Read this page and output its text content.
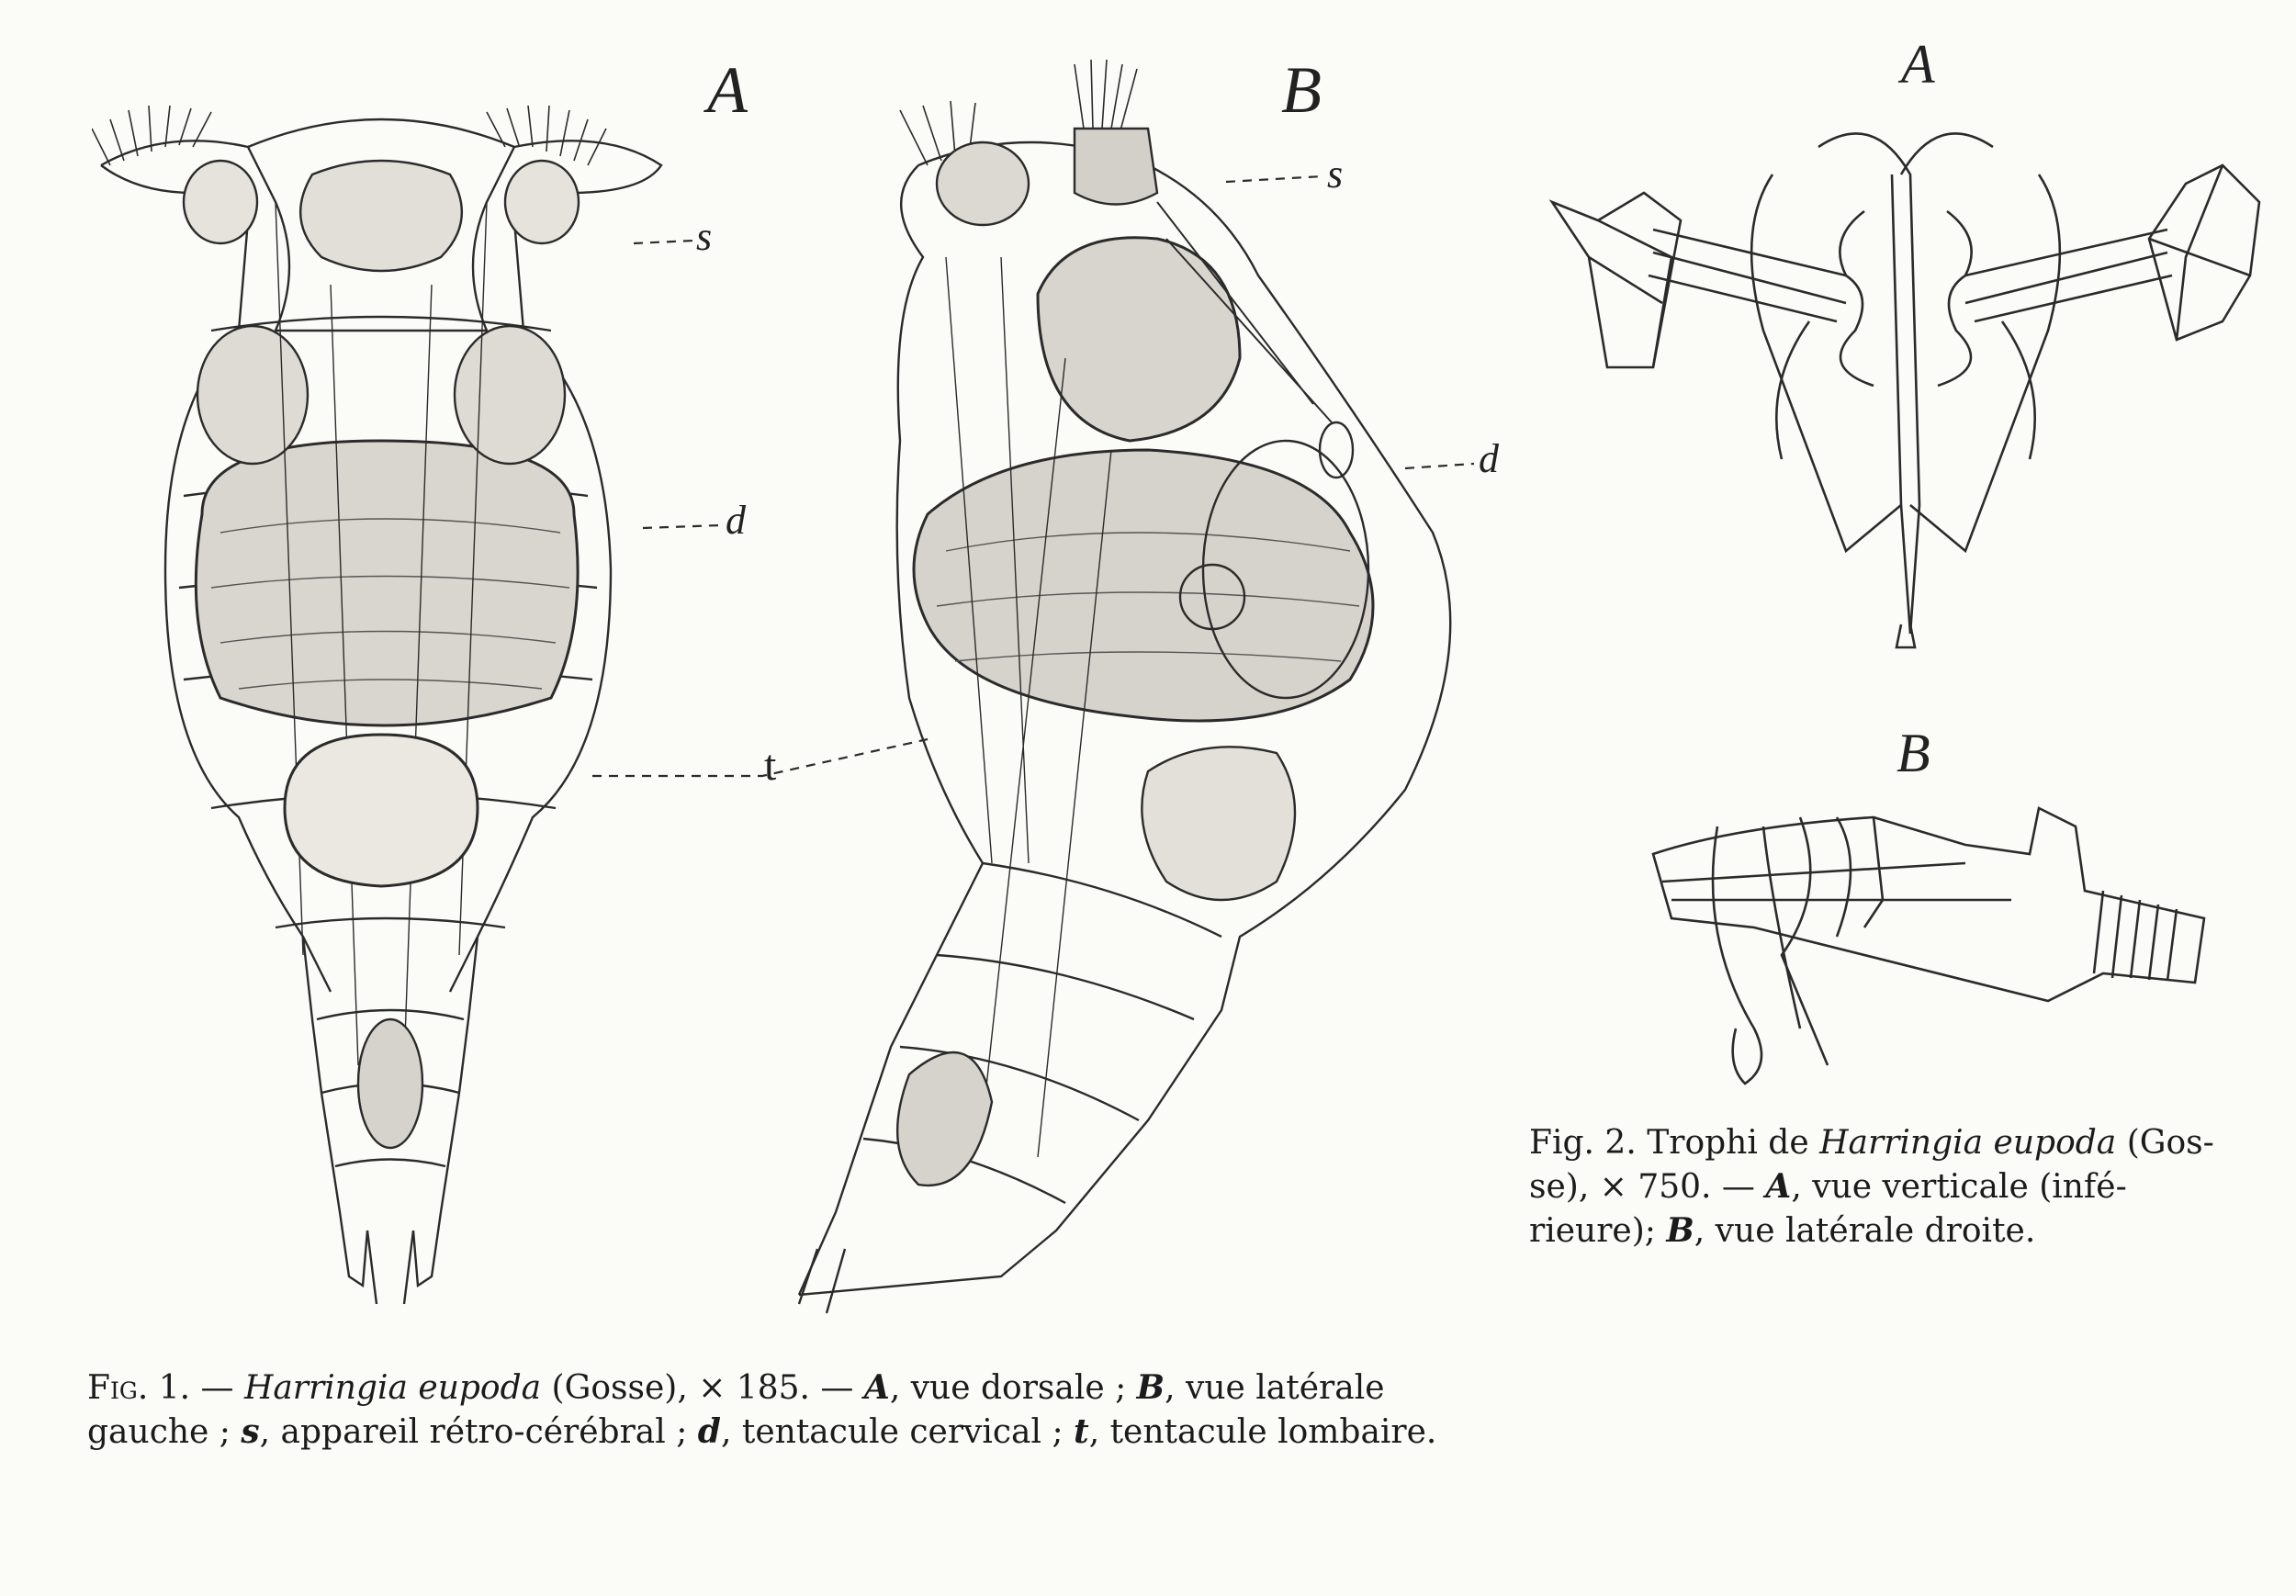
A
s
d
t
B
s
d
A
B
Fig. 1. — Harringia eupoda (Gosse), × 185. — A, vue dorsale ; B, vue latérale
gauche ; s, appareil rétro-cérébral ; d, tentacule cervical ; t, tentacule lombaire.
Fig. 2. Trophi de Harringia eupoda (Gos-
se), × 750. — A, vue verticale (infé-
rieure); B, vue latérale droite.
